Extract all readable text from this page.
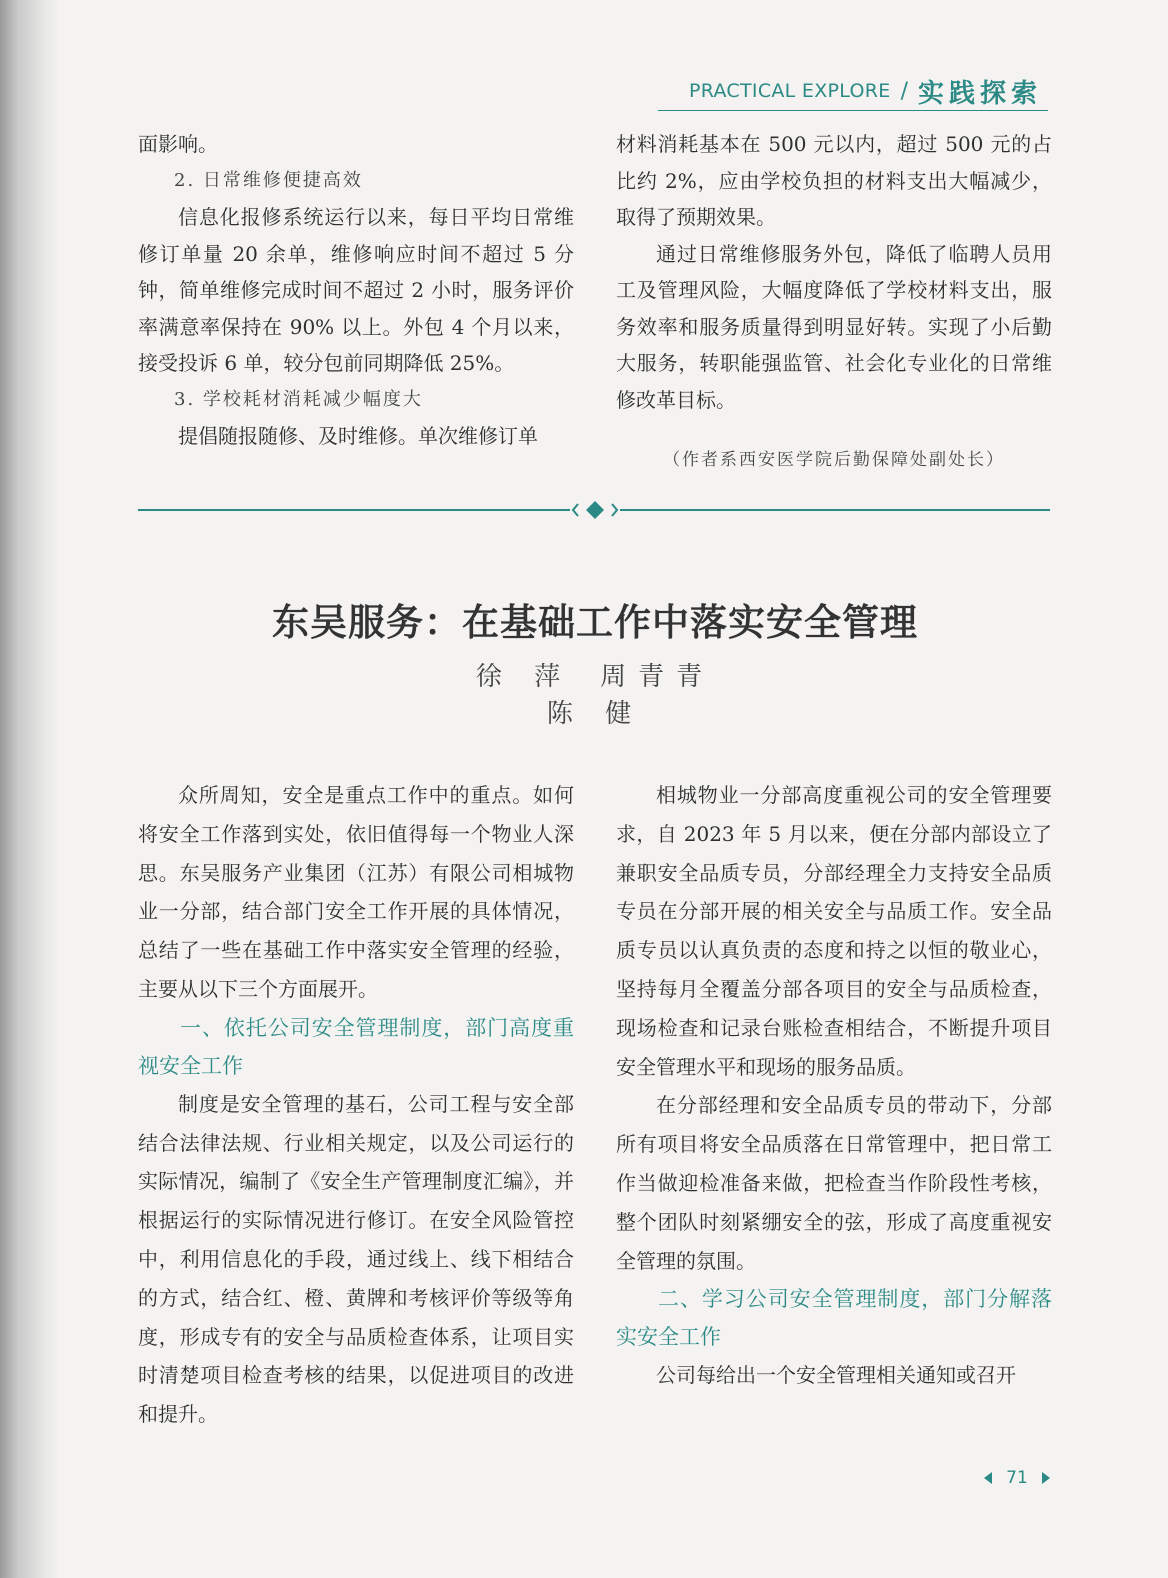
PRACTICAL EXPLORE / 实践探索

面影响。

2. 日常维修便捷高效

信息化报修系统运行以来，每日平均日常维修订单量 20 余单，维修响应时间不超过 5 分钟，简单维修完成时间不超过 2 小时，服务评价率满意率保持在 90% 以上。外包 4 个月以来，接受投诉 6 单，较分包前同期降低 25%。

3. 学校耗材消耗减少幅度大

提倡随报随修、及时维修。单次维修订单

材料消耗基本在 500 元以内，超过 500 元的占比约 2%，应由学校负担的材料支出大幅减少，取得了预期效果。

通过日常维修服务外包，降低了临聘人员用工及管理风险，大幅度降低了学校材料支出，服务效率和服务质量得到明显好转。实现了小后勤大服务，转职能强监管、社会化专业化的日常维修改革目标。

（作者系西安医学院后勤保障处副处长）

东吴服务：在基础工作中落实安全管理
徐 萍 周青青陈 健

众所周知，安全是重点工作中的重点。如何将安全工作落到实处，依旧值得每一个物业人深思。东吴服务产业集团（江苏）有限公司相城物业一分部，结合部门安全工作开展的具体情况，总结了一些在基础工作中落实安全管理的经验，主要从以下三个方面展开。

一、依托公司安全管理制度，部门高度重视安全工作

制度是安全管理的基石，公司工程与安全部结合法律法规、行业相关规定，以及公司运行的实际情况，编制了《安全生产管理制度汇编》，并根据运行的实际情况进行修订。在安全风险管控中，利用信息化的手段，通过线上、线下相结合的方式，结合红、橙、黄牌和考核评价等级等角度，形成专有的安全与品质检查体系，让项目实时清楚项目检查考核的结果，以促进项目的改进和提升。

相城物业一分部高度重视公司的安全管理要求，自 2023 年 5 月以来，便在分部内部设立了兼职安全品质专员，分部经理全力支持安全品质专员在分部开展的相关安全与品质工作。安全品质专员以认真负责的态度和持之以恒的敬业心，坚持每月全覆盖分部各项目的安全与品质检查，现场检查和记录台账检查相结合，不断提升项目安全管理水平和现场的服务品质。

在分部经理和安全品质专员的带动下，分部所有项目将安全品质落在日常管理中，把日常工作当做迎检准备来做，把检查当作阶段性考核，整个团队时刻紧绷安全的弦，形成了高度重视安全管理的氛围。

二、学习公司安全管理制度，部门分解落实安全工作

公司每给出一个安全管理相关通知或召开

71
